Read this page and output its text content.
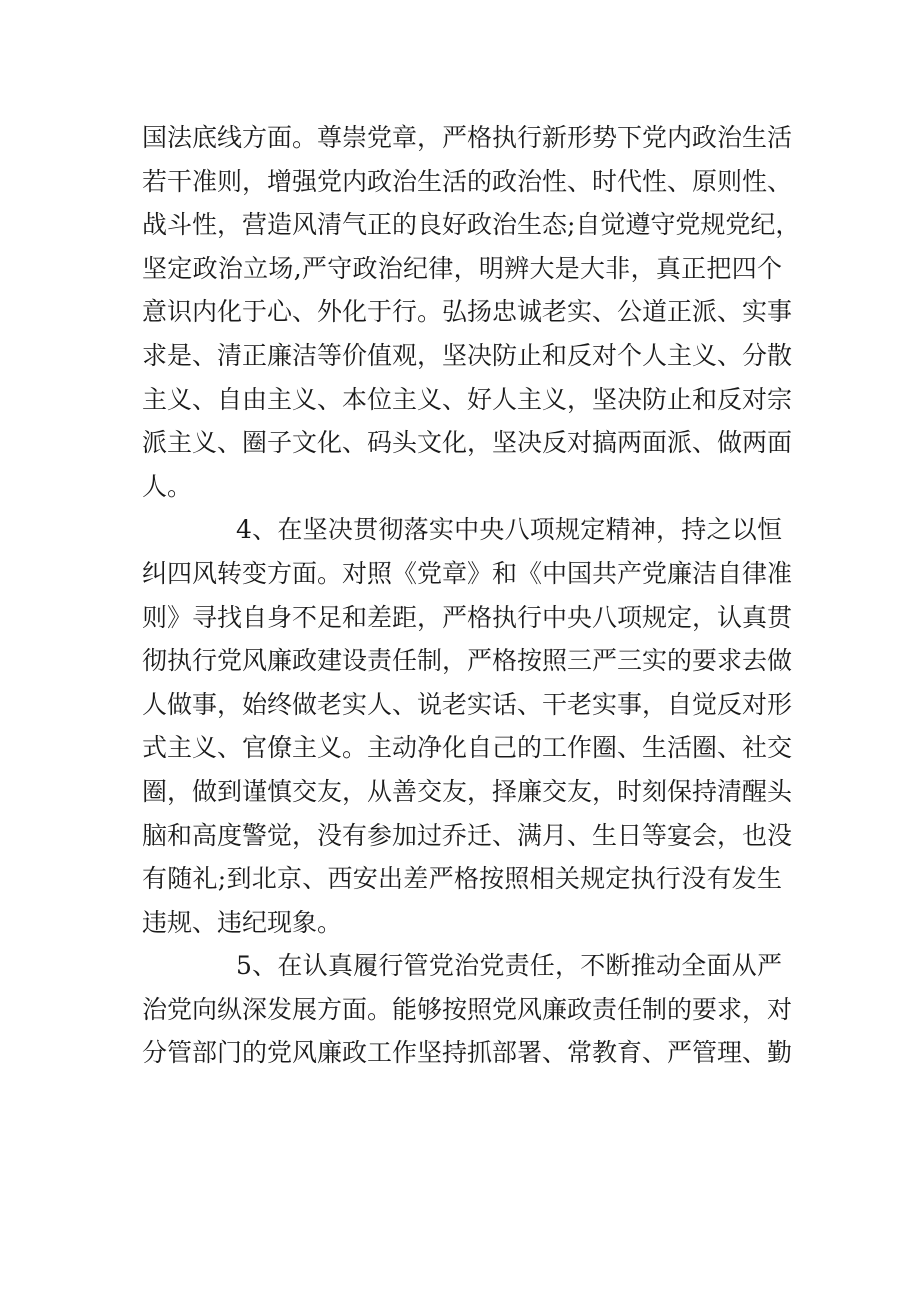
国法底线方面。尊崇党章，严格执行新形势下党内政治生活
若干准则，增强党内政治生活的政治性、时代性、原则性、
战斗性，营造风清气正的良好政治生态;自觉遵守党规党纪，
坚定政治立场,严守政治纪律，明辨大是大非，真正把四个
意识内化于心、外化于行。弘扬忠诚老实、公道正派、实事
求是、清正廉洁等价值观，坚决防止和反对个人主义、分散
主义、自由主义、本位主义、好人主义，坚决防止和反对宗
派主义、圈子文化、码头文化，坚决反对搞两面派、做两面
人。
4、在坚决贯彻落实中央八项规定精神，持之以恒
纠四风转变方面。对照《党章》和《中国共产党廉洁自律准
则》寻找自身不足和差距，严格执行中央八项规定，认真贯
彻执行党风廉政建设责任制，严格按照三严三实的要求去做
人做事，始终做老实人、说老实话、干老实事，自觉反对形
式主义、官僚主义。主动净化自己的工作圈、生活圈、社交
圈，做到谨慎交友，从善交友，择廉交友，时刻保持清醒头
脑和高度警觉，没有参加过乔迁、满月、生日等宴会，也没
有随礼;到北京、西安出差严格按照相关规定执行没有发生
违规、违纪现象。
5、在认真履行管党治党责任，不断推动全面从严
治党向纵深发展方面。能够按照党风廉政责任制的要求，对
分管部门的党风廉政工作坚持抓部署、常教育、严管理、勤
